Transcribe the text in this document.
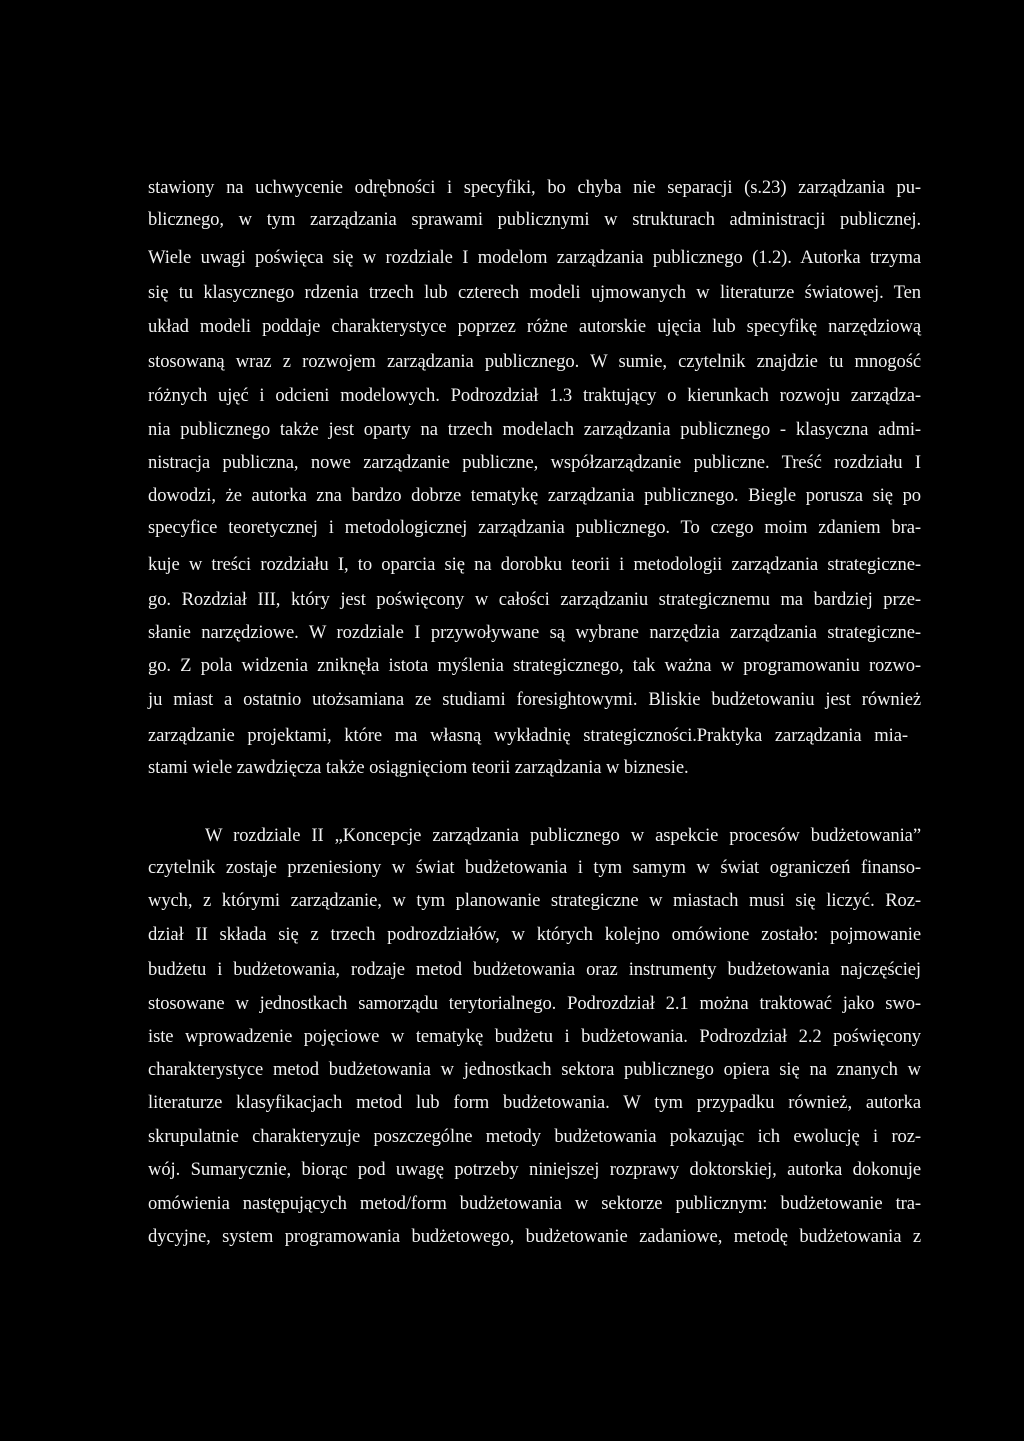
stawiony na uchwycenie odrębności i specyfiki, bo chyba nie separacji (s.23) zarządzania pu-
blicznego, w tym zarządzania sprawami publicznymi w strukturach administracji publicznej.
Wiele uwagi poświęca się w rozdziale I modelom zarządzania publicznego (1.2). Autorka trzyma
się tu klasycznego rdzenia trzech lub czterech modeli ujmowanych w literaturze światowej. Ten
układ modeli poddaje charakterystyce poprzez różne autorskie ujęcia lub specyfikę narzędziową
stosowaną wraz z rozwojem zarządzania publicznego. W sumie, czytelnik znajdzie tu mnogość
różnych ujęć i odcieni modelowych. Podrozdział 1.3 traktujący o kierunkach rozwoju zarządza-
nia publicznego także jest oparty na trzech modelach zarządzania publicznego - klasyczna admi-
nistracja publiczna, nowe zarządzanie publiczne, współzarządzanie publiczne. Treść rozdziału I
dowodzi, że autorka zna bardzo dobrze tematykę zarządzania publicznego. Biegle porusza się po
specyfice teoretycznej i metodologicznej zarządzania publicznego. To czego moim zdaniem bra-
kuje w treści rozdziału I, to oparcia się na dorobku teorii i metodologii zarządzania strategiczne-
go. Rozdział III, który jest poświęcony w całości zarządzaniu strategicznemu ma bardziej prze-
słanie narzędziowe. W rozdziale I przywoływane są wybrane narzędzia zarządzania strategiczne-
go. Z pola widzenia zniknęła istota myślenia strategicznego, tak ważna w programowaniu rozwo-
ju miast a ostatnio utożsamiana ze studiami foresightowymi. Bliskie budżetowaniu jest również
zarządzanie projektami, które ma własną wykładnię strategiczności.Praktyka zarządzania mia-
stami wiele zawdzięcza także osiągnięciom teorii zarządzania w biznesie.
W rozdziale II „Koncepcje zarządzania publicznego w aspekcie procesów budżetowania”
czytelnik zostaje przeniesiony w świat budżetowania i tym samym w świat ograniczeń finanso-
wych, z którymi zarządzanie, w tym planowanie strategiczne w miastach musi się liczyć. Roz-
dział II składa się z trzech podrozdziałów, w których kolejno omówione zostało: pojmowanie
budżetu i budżetowania, rodzaje metod budżetowania oraz instrumenty budżetowania najczęściej
stosowane w jednostkach samorządu terytorialnego. Podrozdział 2.1 można traktować jako swo-
iste wprowadzenie pojęciowe w tematykę budżetu i budżetowania. Podrozdział 2.2 poświęcony
charakterystyce metod budżetowania w jednostkach sektora publicznego opiera się na znanych w
literaturze klasyfikacjach metod lub form budżetowania. W tym przypadku również, autorka
skrupulatnie charakteryzuje poszczególne metody budżetowania pokazując ich ewolucję i roz-
wój. Sumarycznie, biorąc pod uwagę potrzeby niniejszej rozprawy doktorskiej, autorka dokonuje
omówienia następujących metod/form budżetowania w sektorze publicznym: budżetowanie tra-
dycyjne, system programowania budżetowego, budżetowanie zadaniowe, metodę budżetowania z
